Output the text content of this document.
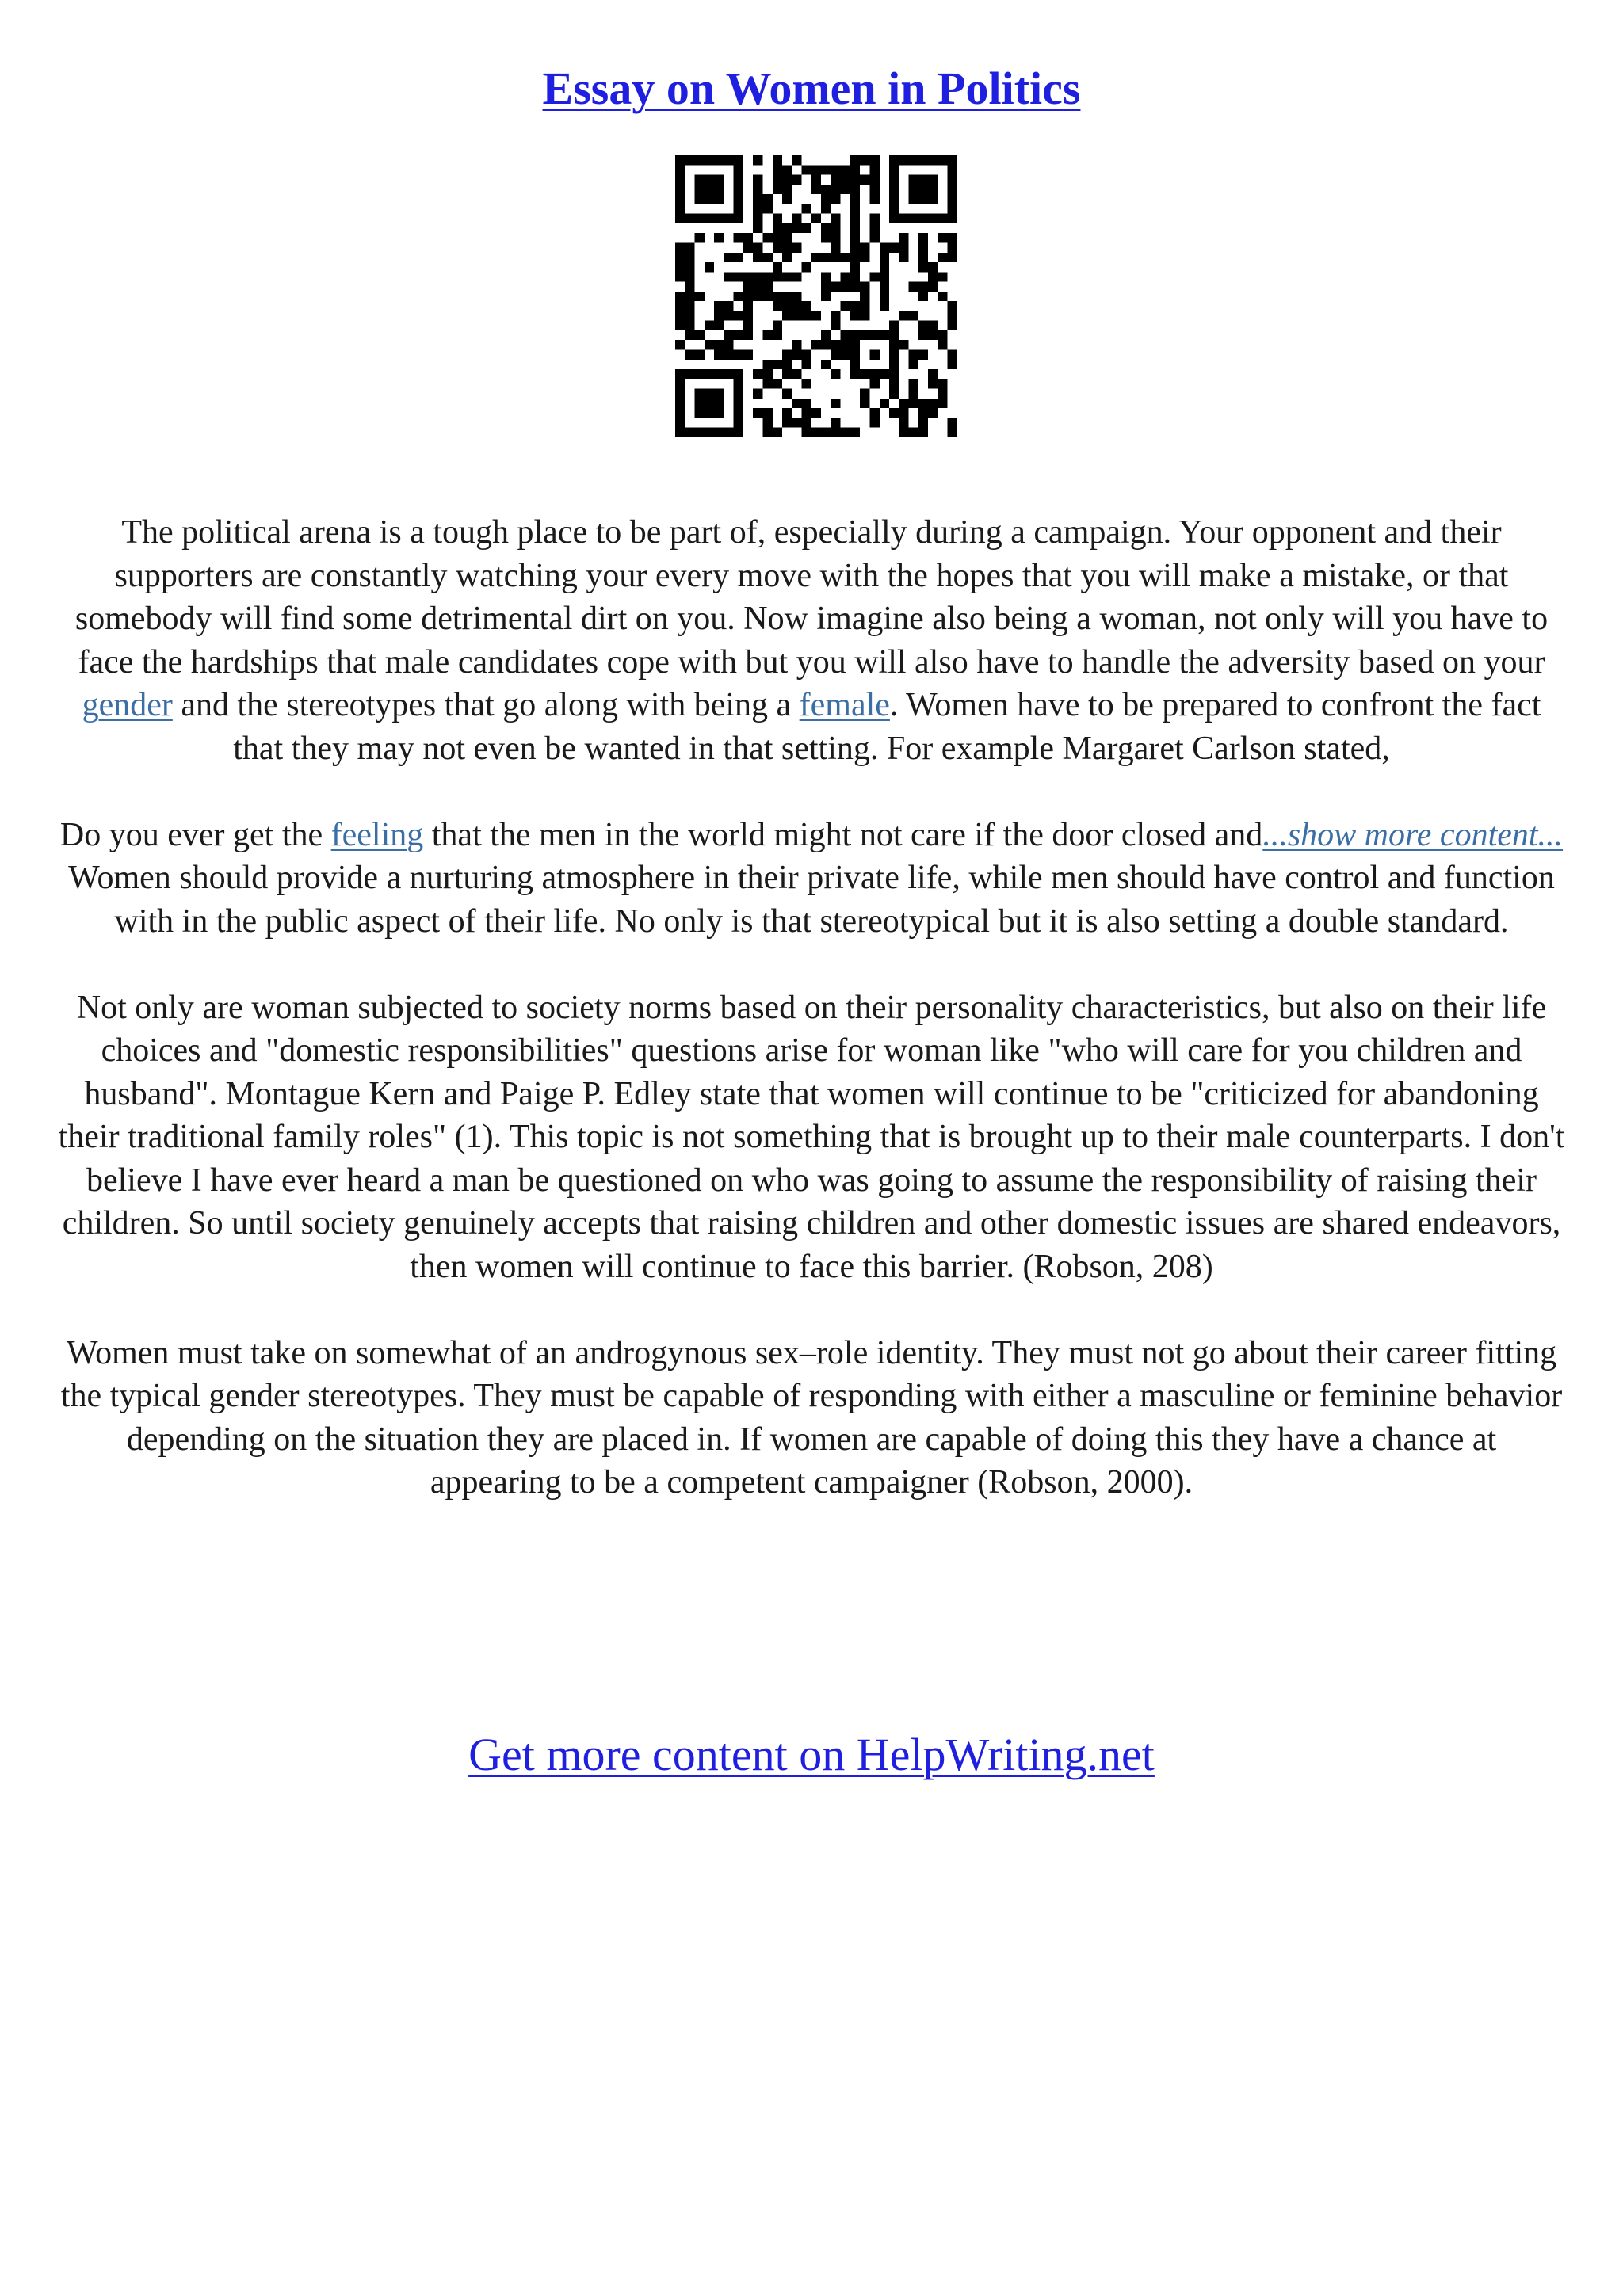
Essay on Women in Politics

The political arena is a tough place to be part of, especially during a campaign. Your opponent and their supporters are constantly watching your every move with the hopes that you will make a mistake, or that somebody will find some detrimental dirt on you. Now imagine also being a woman, not only will you have to face the hardships that male candidates cope with but you will also have to handle the adversity based on your gender and the stereotypes that go along with being a female. Women have to be prepared to confront the fact that they may not even be wanted in that setting. For example Margaret Carlson stated,

Do you ever get the feeling that the men in the world might not care if the door closed and...show more content...

Women should provide a nurturing atmosphere in their private life, while men should have control and function with in the public aspect of their life. No only is that stereotypical but it is also setting a double standard.

Not only are woman subjected to society norms based on their personality characteristics, but also on their life choices and "domestic responsibilities" questions arise for woman like "who will care for you children and husband". Montague Kern and Paige P. Edley state that women will continue to be "criticized for abandoning their traditional family roles" (1). This topic is not something that is brought up to their male counterparts. I don't believe I have ever heard a man be questioned on who was going to assume the responsibility of raising their children. So until society genuinely accepts that raising children and other domestic issues are shared endeavors, then women will continue to face this barrier. (Robson, 208)

Women must take on somewhat of an androgynous sex–role identity. They must not go about their career fitting the typical gender stereotypes. They must be capable of responding with either a masculine or feminine behavior depending on the situation they are placed in. If women are capable of doing this they have a chance at appearing to be a competent campaigner (Robson, 2000).

Get more content on HelpWriting.net
